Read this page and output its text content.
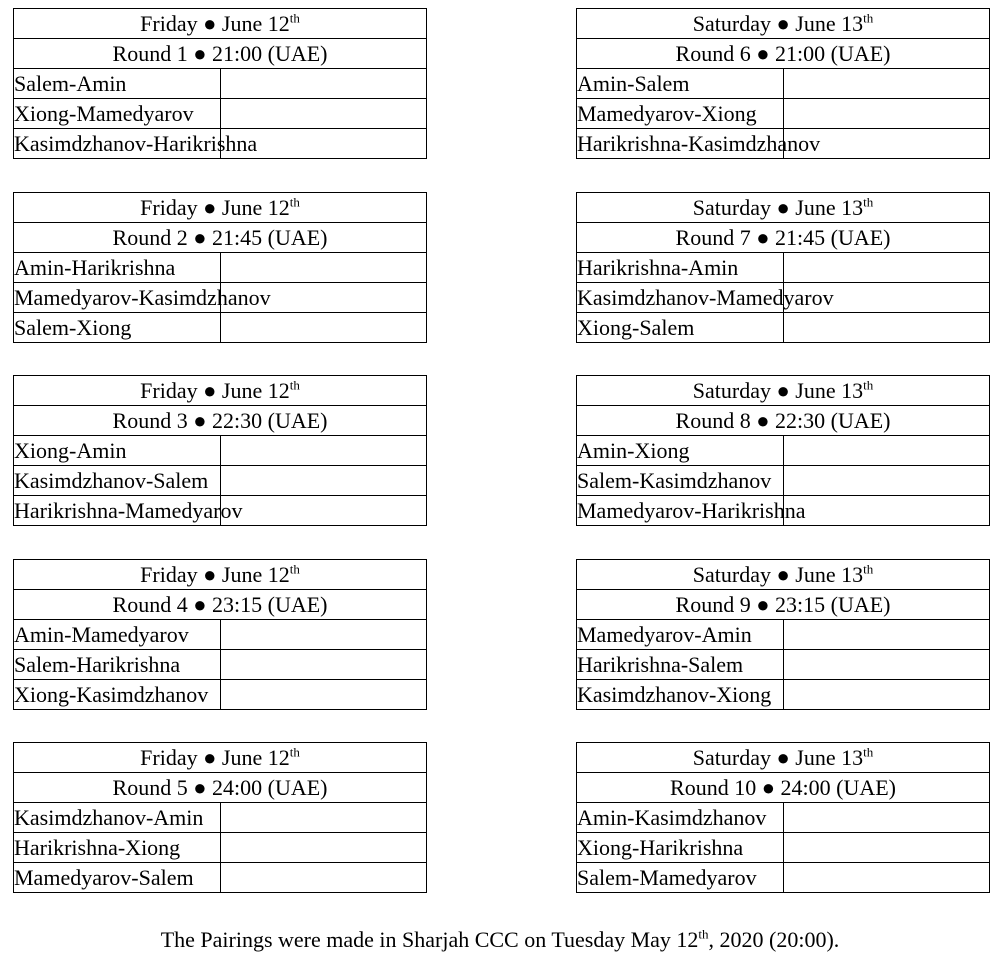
Friday ● June 12th
Round 1 ● 21:00 (UAE)	
Salem-Amin	
Xiong-Mamedyarov	
Kasimdzhanov-Harikrishna	
Friday ● June 12th
Round 2 ● 21:45 (UAE)	
Amin-Harikrishna	
Mamedyarov-Kasimdzhanov	
Salem-Xiong	
Friday ● June 12th
Round 3 ● 22:30 (UAE)	
Xiong-Amin	
Kasimdzhanov-Salem	
Harikrishna-Mamedyarov	
Friday ● June 12th
Round 4 ● 23:15 (UAE)	
Amin-Mamedyarov	
Salem-Harikrishna	
Xiong-Kasimdzhanov	
Friday ● June 12th
Round 5 ● 24:00 (UAE)	
Kasimdzhanov-Amin	
Harikrishna-Xiong	
Mamedyarov-Salem	
Saturday ● June 13th
Round 6 ● 21:00 (UAE)	
Amin-Salem	
Mamedyarov-Xiong	
Harikrishna-Kasimdzhanov	
Saturday ● June 13th
Round 7 ● 21:45 (UAE)	
Harikrishna-Amin	
Kasimdzhanov-Mamedyarov	
Xiong-Salem	
Saturday ● June 13th
Round 8 ● 22:30 (UAE)	
Amin-Xiong	
Salem-Kasimdzhanov	
Mamedyarov-Harikrishna	
Saturday ● June 13th
Round 9 ● 23:15 (UAE)	
Mamedyarov-Amin	
Harikrishna-Salem	
Kasimdzhanov-Xiong	
Saturday ● June 13th
Round 10 ● 24:00 (UAE)	
Amin-Kasimdzhanov	
Xiong-Harikrishna	
Salem-Mamedyarov	
The Pairings were made in Sharjah CCC on Tuesday May 12th, 2020 (20:00).
